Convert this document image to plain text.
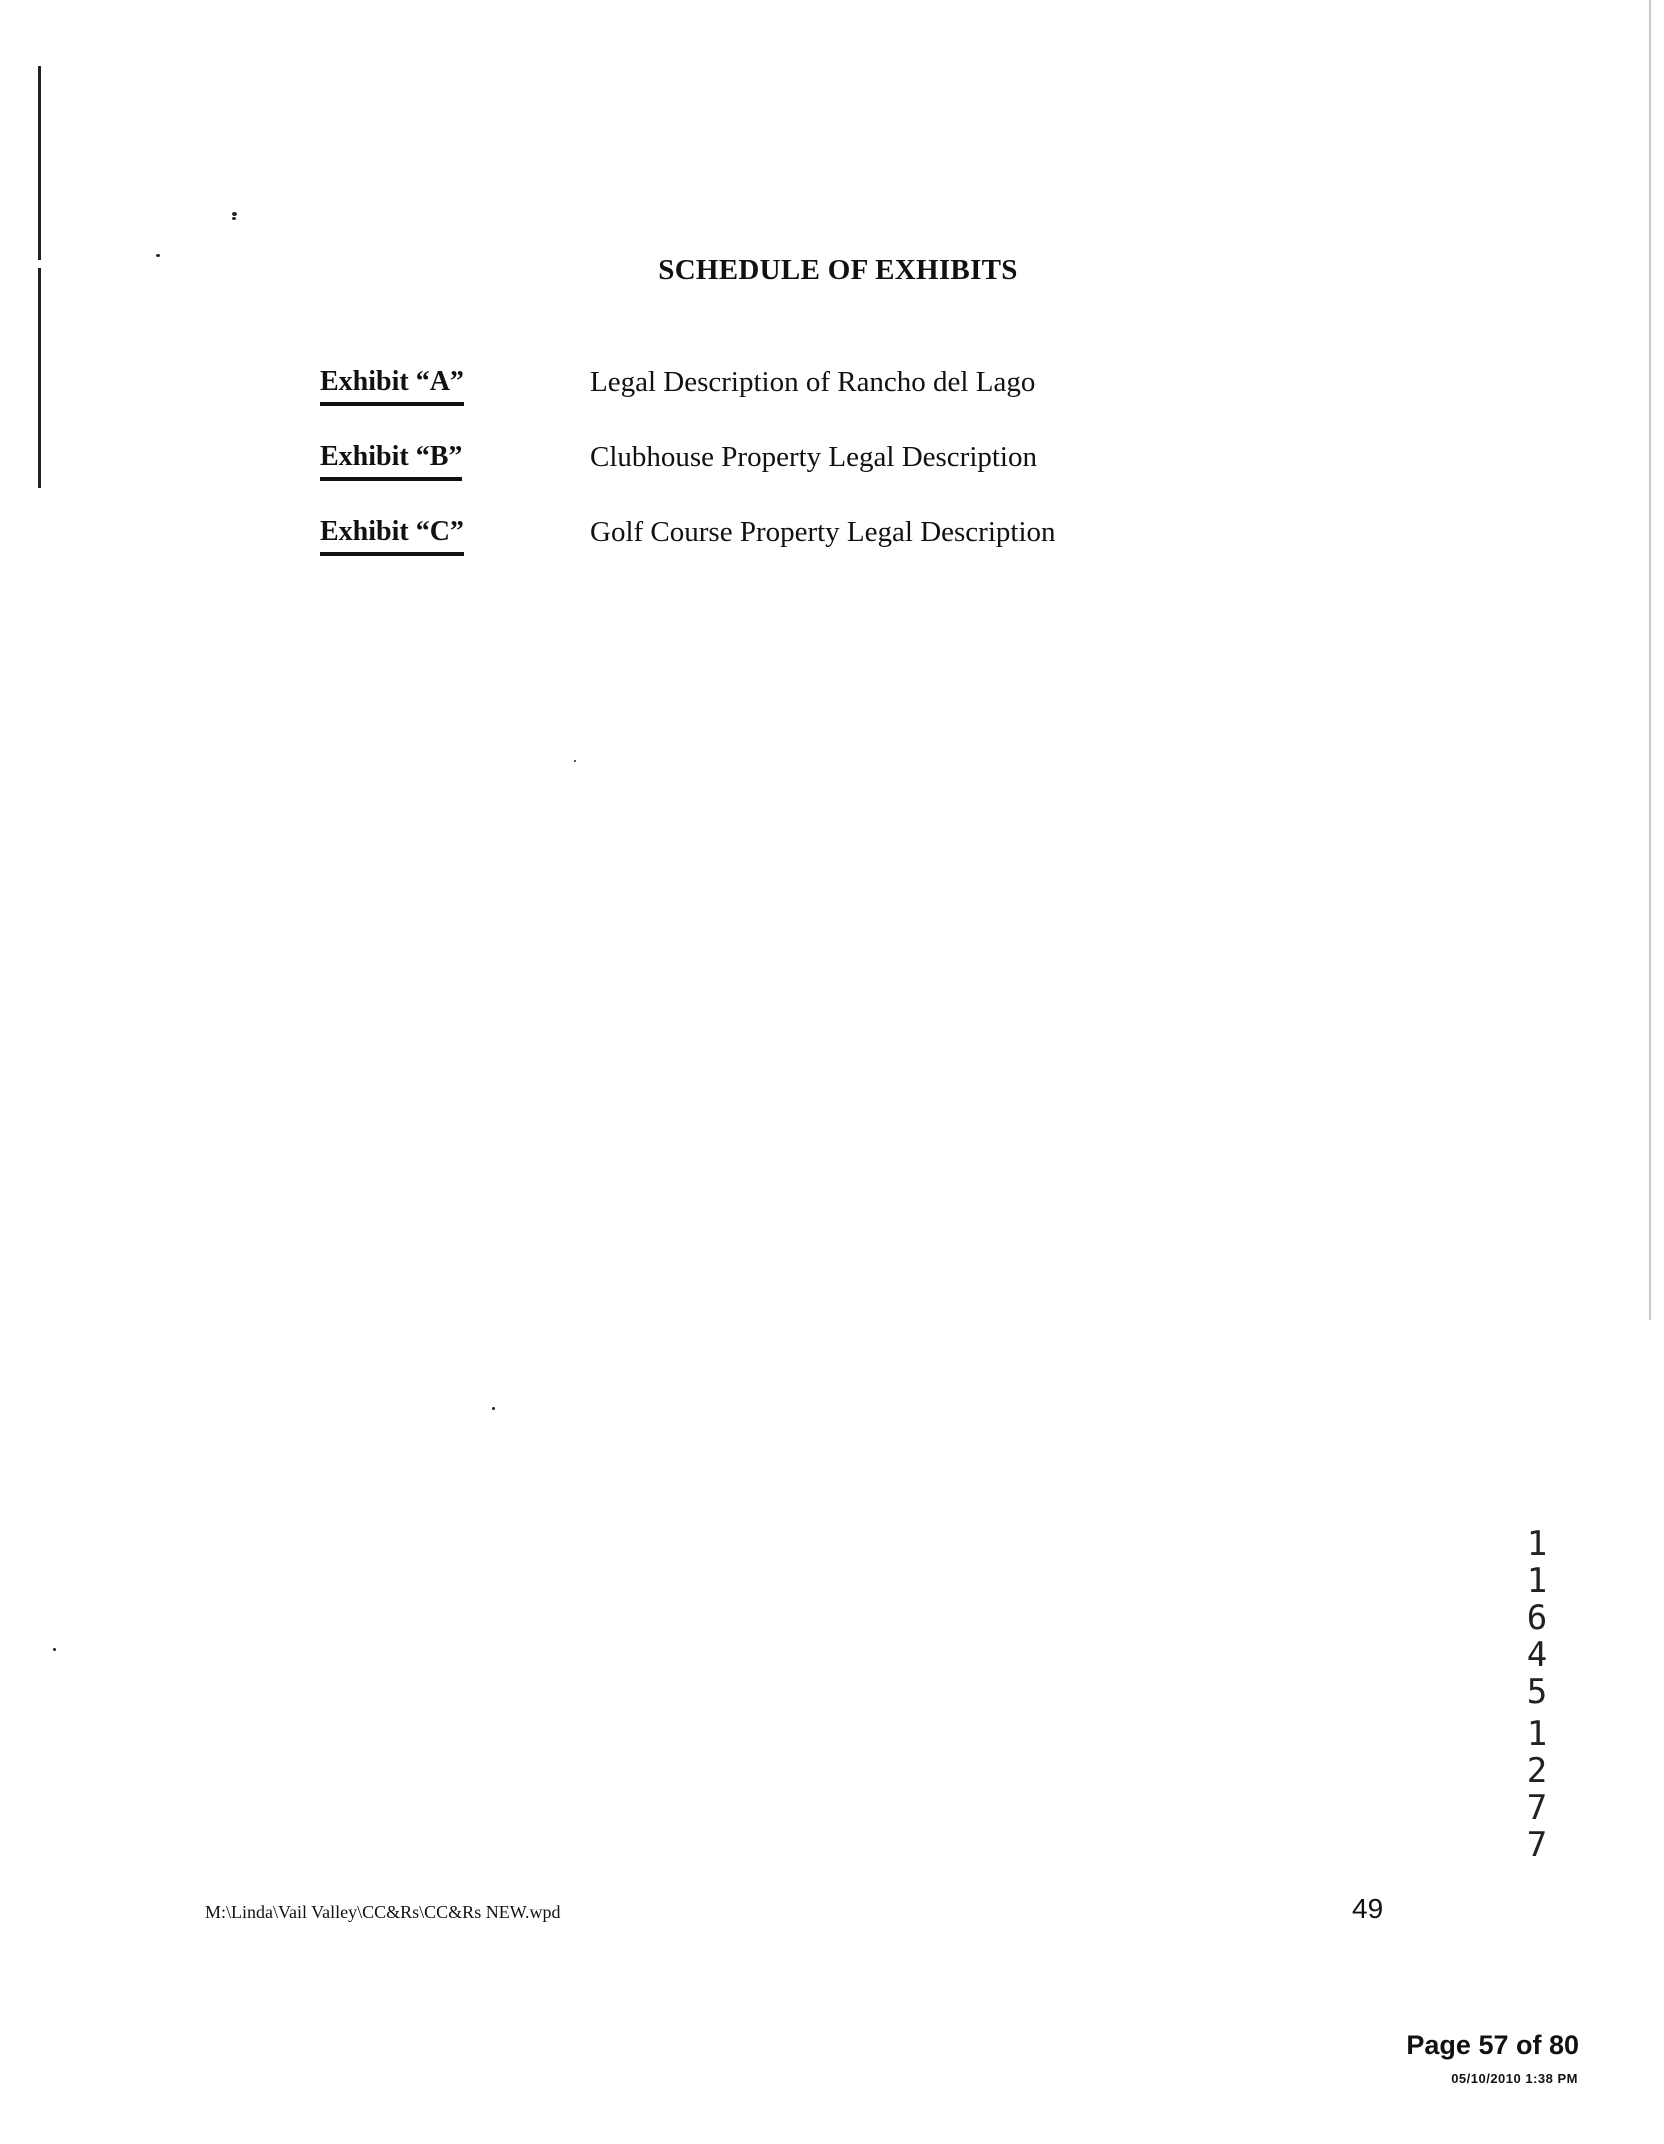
SCHEDULE OF EXHIBITS
Exhibit “A”	Legal Description of Rancho del Lago
Exhibit “B”	Clubhouse Property Legal Description
Exhibit “C”	Golf Course Property Legal Description
1
1
6
4
5
1
2
7
7
M:\Linda\Vail Valley\CC&Rs\CC&Rs NEW.wpd	49
Page 57 of 80
05/10/2010 1:38 PM
